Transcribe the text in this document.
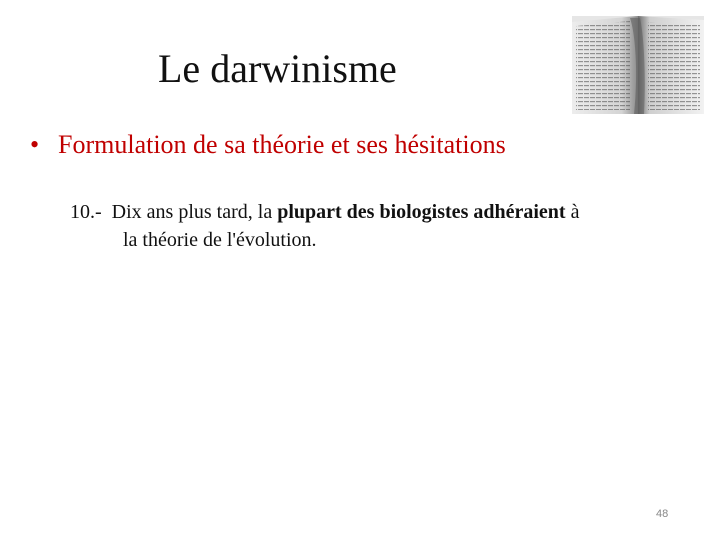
Le darwinisme
• Formulation de sa théorie et ses hésitations
10.- Dix ans plus tard, la plupart des biologistes adhéraient à
la théorie de l'évolution.
48
